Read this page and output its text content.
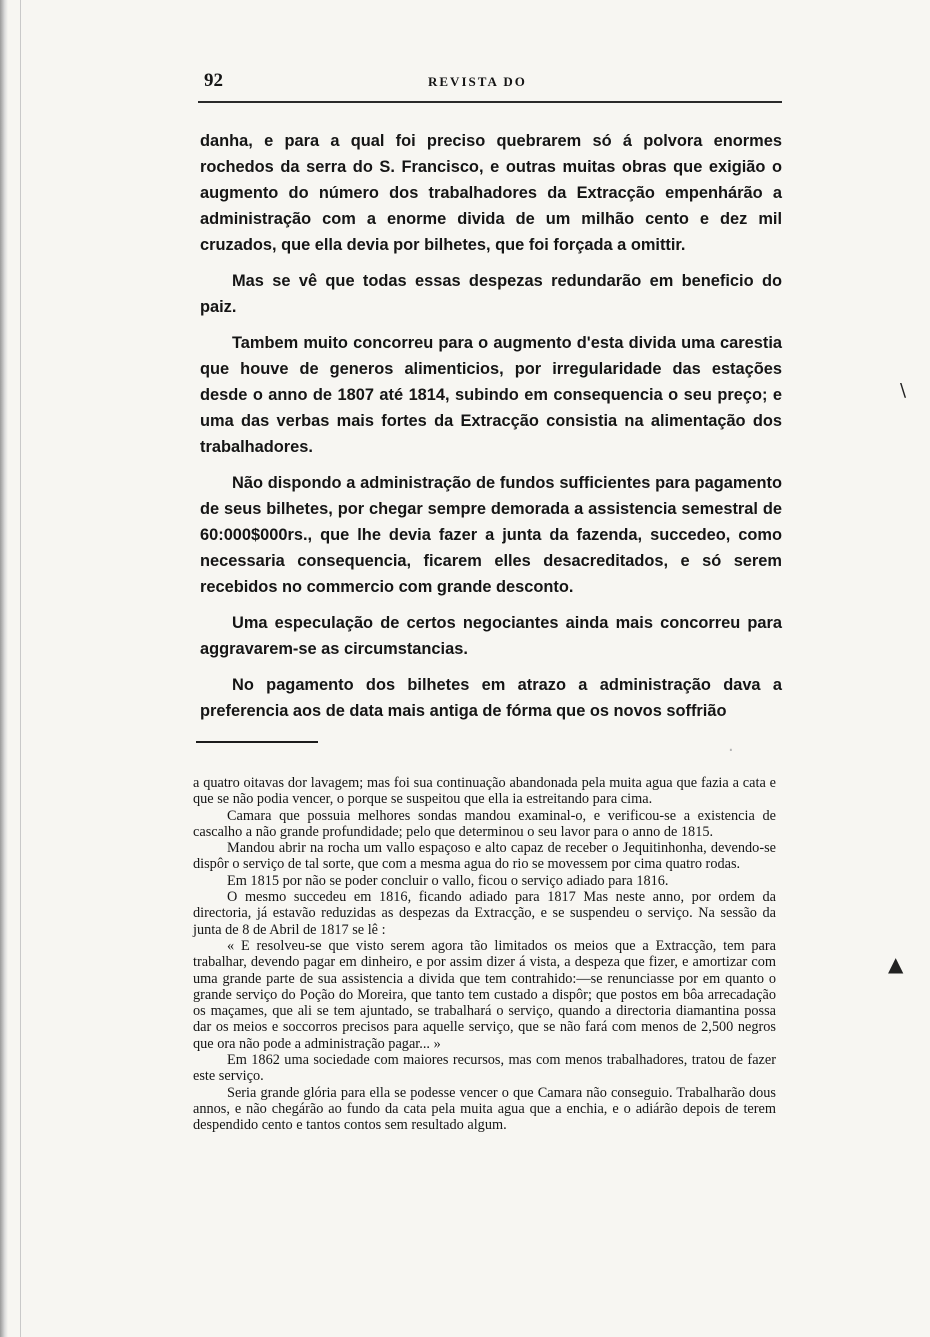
92	REVISTA DO

danha, e para a qual foi preciso quebrarem só á polvora enormes rochedos da serra do S. Francisco, e outras muitas obras que exigião o augmento do número dos trabalhadores da Extracção empenhárão a administração com a enorme divida de um milhão cento e dez mil cruzados, que ella devia por bilhetes, que foi forçada a omittir.

Mas se vê que todas essas despezas redundarão em beneficio do paiz.

Tambem muito concorreu para o augmento d'esta divida uma carestia que houve de generos alimenticios, por irregularidade das estações desde o anno de 1807 até 1814, subindo em consequencia o seu preço; e uma das verbas mais fortes da Extracção consistia na alimentação dos trabalhadores.

Não dispondo a administração de fundos sufficientes para pagamento de seus bilhetes, por chegar sempre demorada a assistencia semestral de 60:000$000rs., que lhe devia fazer a junta da fazenda, succedeo, como necessaria consequencia, ficarem elles desacreditados, e só serem recebidos no commercio com grande desconto.

Uma especulação de certos negociantes ainda mais concorreu para aggravarem-se as circumstancias.

No pagamento dos bilhetes em atrazo a administração dava a preferencia aos de data mais antiga de fórma que os novos soffrião

·

a quatro oitavas dor lavagem; mas foi sua continuação abandonada pela muita agua que fazia a cata e que se não podia vencer, o porque se suspeitou que ella ia estreitando para cima.

Camara que possuia melhores sondas mandou examinal-o, e verificou-se a existencia de cascalho a não grande profundidade; pelo que determinou o seu lavor para o anno de 1815.

Mandou abrir na rocha um vallo espaçoso e alto capaz de receber o Jequitinhonha, devendo-se dispôr o serviço de tal sorte, que com a mesma agua do rio se movessem por cima quatro rodas.

Em 1815 por não se poder concluir o vallo, ficou o serviço adiado para 1816.

O mesmo succedeu em 1816, ficando adiado para 1817 Mas neste anno, por ordem da directoria, já estavão reduzidas as despezas da Extracção, e se suspendeu o serviço. Na sessão da junta de 8 de Abril de 1817 se lê :

« E resolveu-se que visto serem agora tão limitados os meios que a Extracção, tem para trabalhar, devendo pagar em dinheiro, e por assim dizer á vista, a despeza que fizer, e amortizar com uma grande parte de sua assistencia a divida que tem contrahido:—se renunciasse por em quanto o grande serviço do Poção do Moreira, que tanto tem custado a dispôr; que postos em bôa arrecadação os maçames, que ali se tem ajuntado, se trabalhará o serviço, quando a directoria diamantina possa dar os meios e soccorros precisos para aquelle serviço, que se não fará com menos de 2,500 negros que ora não pode a administração pagar... »

Em 1862 uma sociedade com maiores recursos, mas com menos trabalhadores, tratou de fazer este serviço.

Seria grande glória para ella se podesse vencer o que Camara não conseguio. Trabalharão dous annos, e não chegárão ao fundo da cata pela muita agua que a enchia, e o adiárão depois de terem despendido cento e tantos contos sem resultado algum.

\
▲
